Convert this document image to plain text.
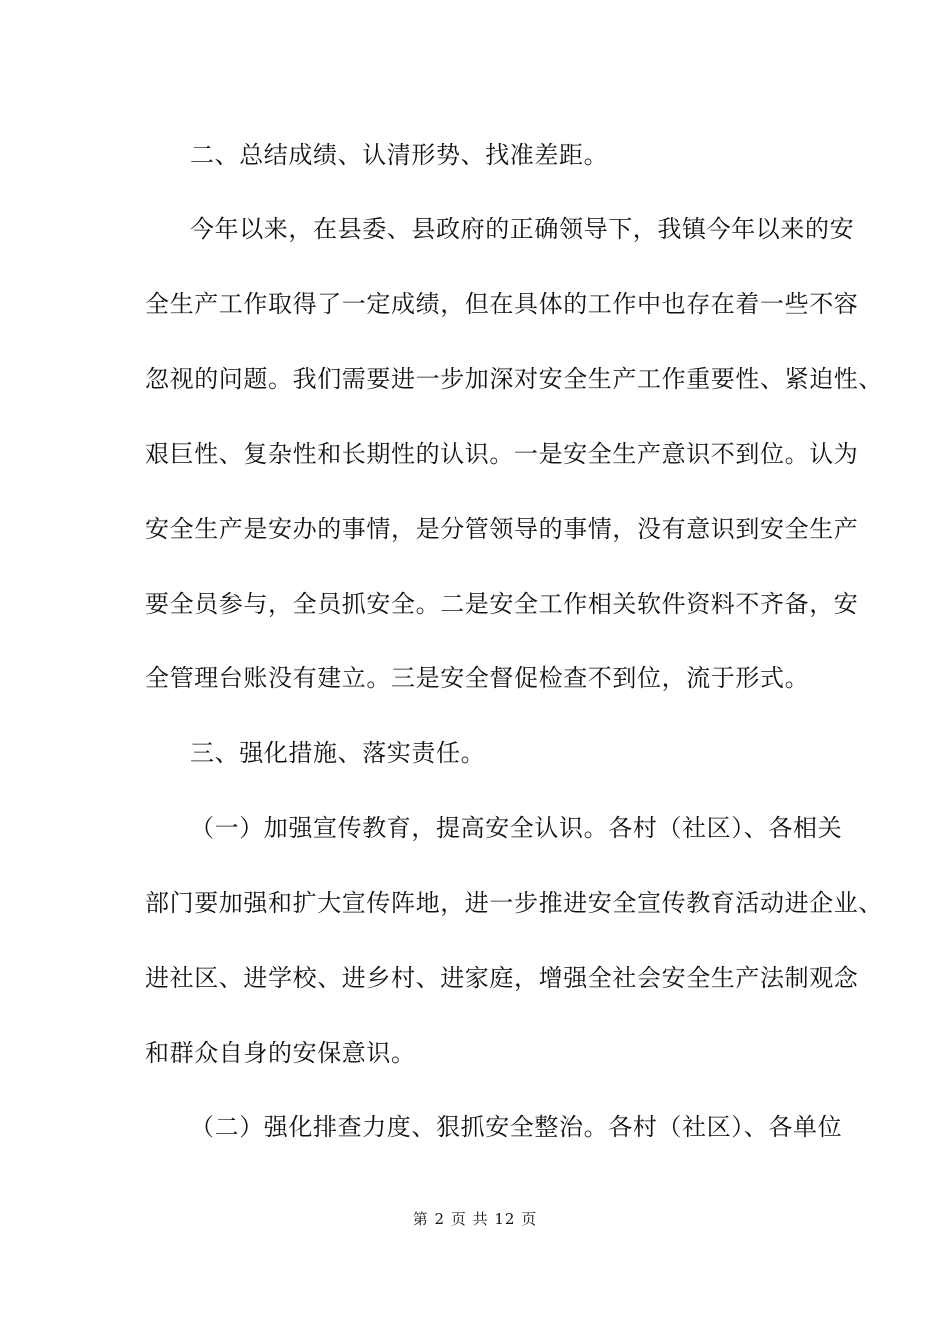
二、总结成绩、认清形势、找准差距。
今年以来，在县委、县政府的正确领导下，我镇今年以来的安
全生产工作取得了一定成绩，但在具体的工作中也存在着一些不容
忽视的问题。我们需要进一步加深对安全生产工作重要性、紧迫性、
艰巨性、复杂性和长期性的认识。一是安全生产意识不到位。认为
安全生产是安办的事情，是分管领导的事情，没有意识到安全生产
要全员参与，全员抓安全。二是安全工作相关软件资料不齐备，安
全管理台账没有建立。三是安全督促检查不到位，流于形式。
三、强化措施、落实责任。
（一）加强宣传教育，提高安全认识。各村（社区）、各相关
部门要加强和扩大宣传阵地，进一步推进安全宣传教育活动进企业、
进社区、进学校、进乡村、进家庭，增强全社会安全生产法制观念
和群众自身的安保意识。
（二）强化排查力度、狠抓安全整治。各村（社区）、各单位
第 2 页 共 12 页
